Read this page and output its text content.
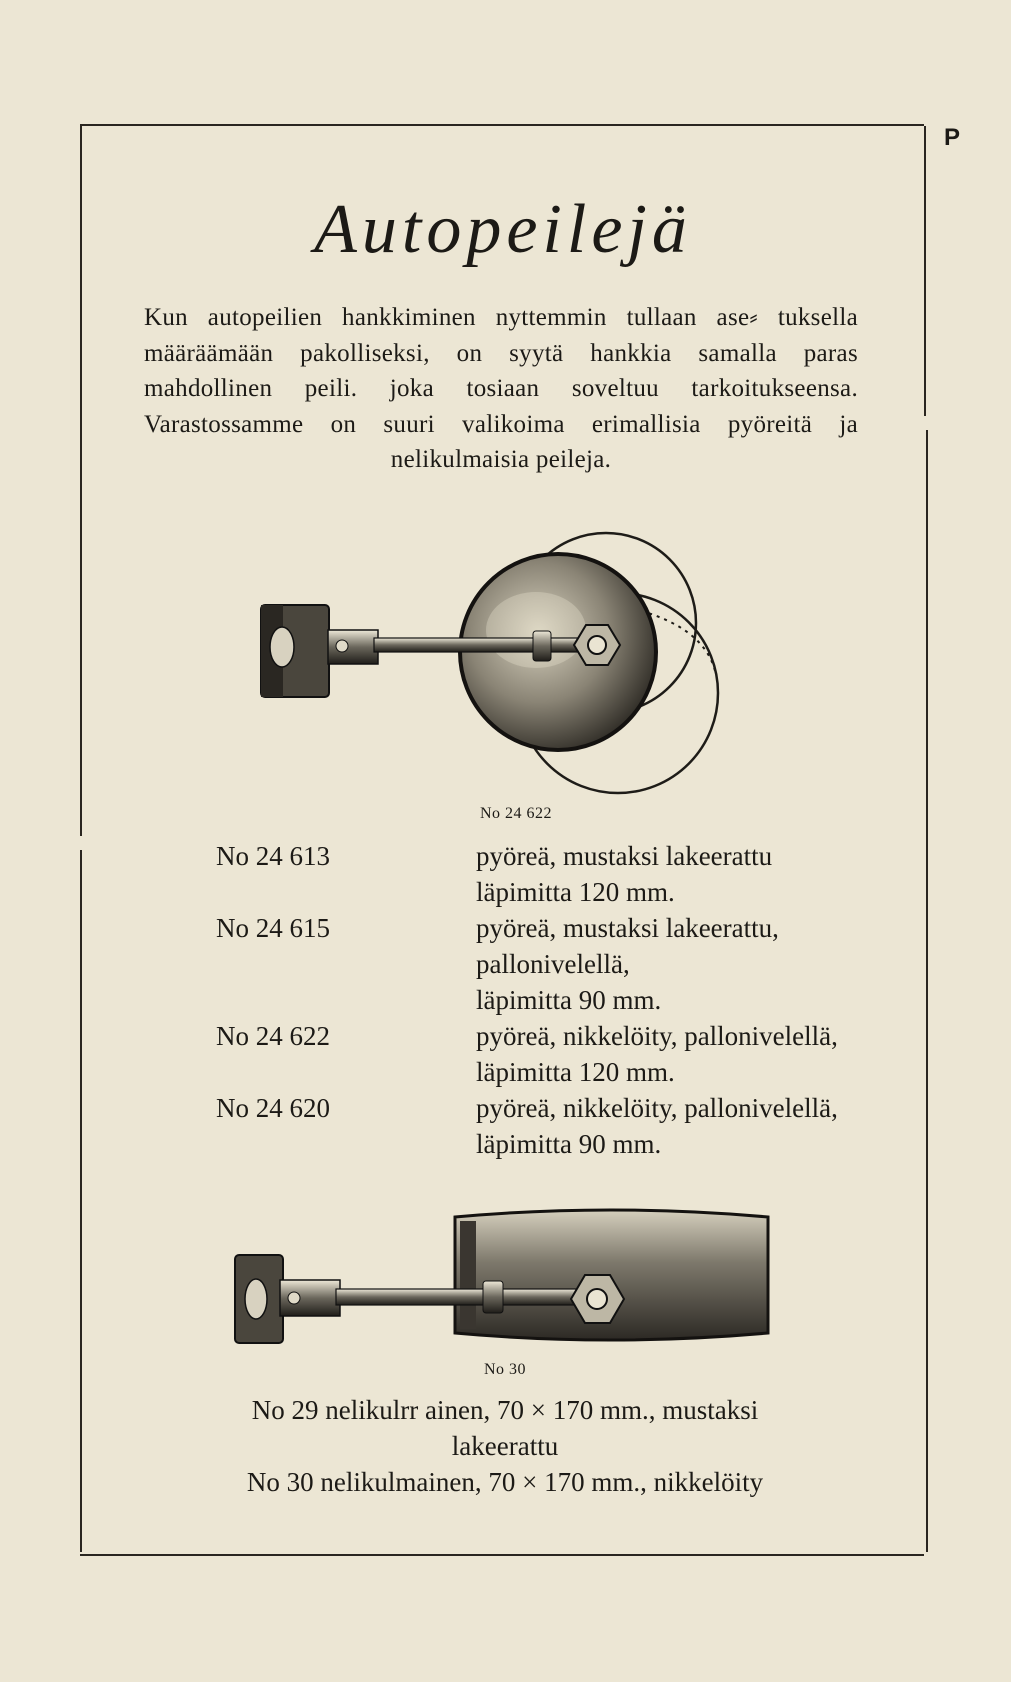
P
Autopeilejä

Kun autopeilien hankkiminen nyttemmin tullaan ase⸗ tuksella määräämään pakolliseksi, on syytä hankkia samalla paras mahdollinen peili. joka tosiaan soveltuu tarkoitukseensa. Varastossamme on suuri valikoima erimallisia pyöreitä ja nelikulmaisia peileja.

No 24 622
No 24 613	pyöreä, mustaksi lakeerattu
läpimitta 120 mm.
No 24 615	pyöreä, mustaksi lakeerattu,
pallonivelellä,
läpimitta 90 mm.
No 24 622	pyöreä, nikkelöity, pallonivelellä,
läpimitta 120 mm.
No 24 620	pyöreä, nikkelöity, pallonivelellä,
läpimitta 90 mm.
No 30
No 29 nelikulrr ainen, 70 × 170 mm., mustaksi
lakeerattu
No 30 nelikulmainen, 70 × 170 mm., nikkelöity
